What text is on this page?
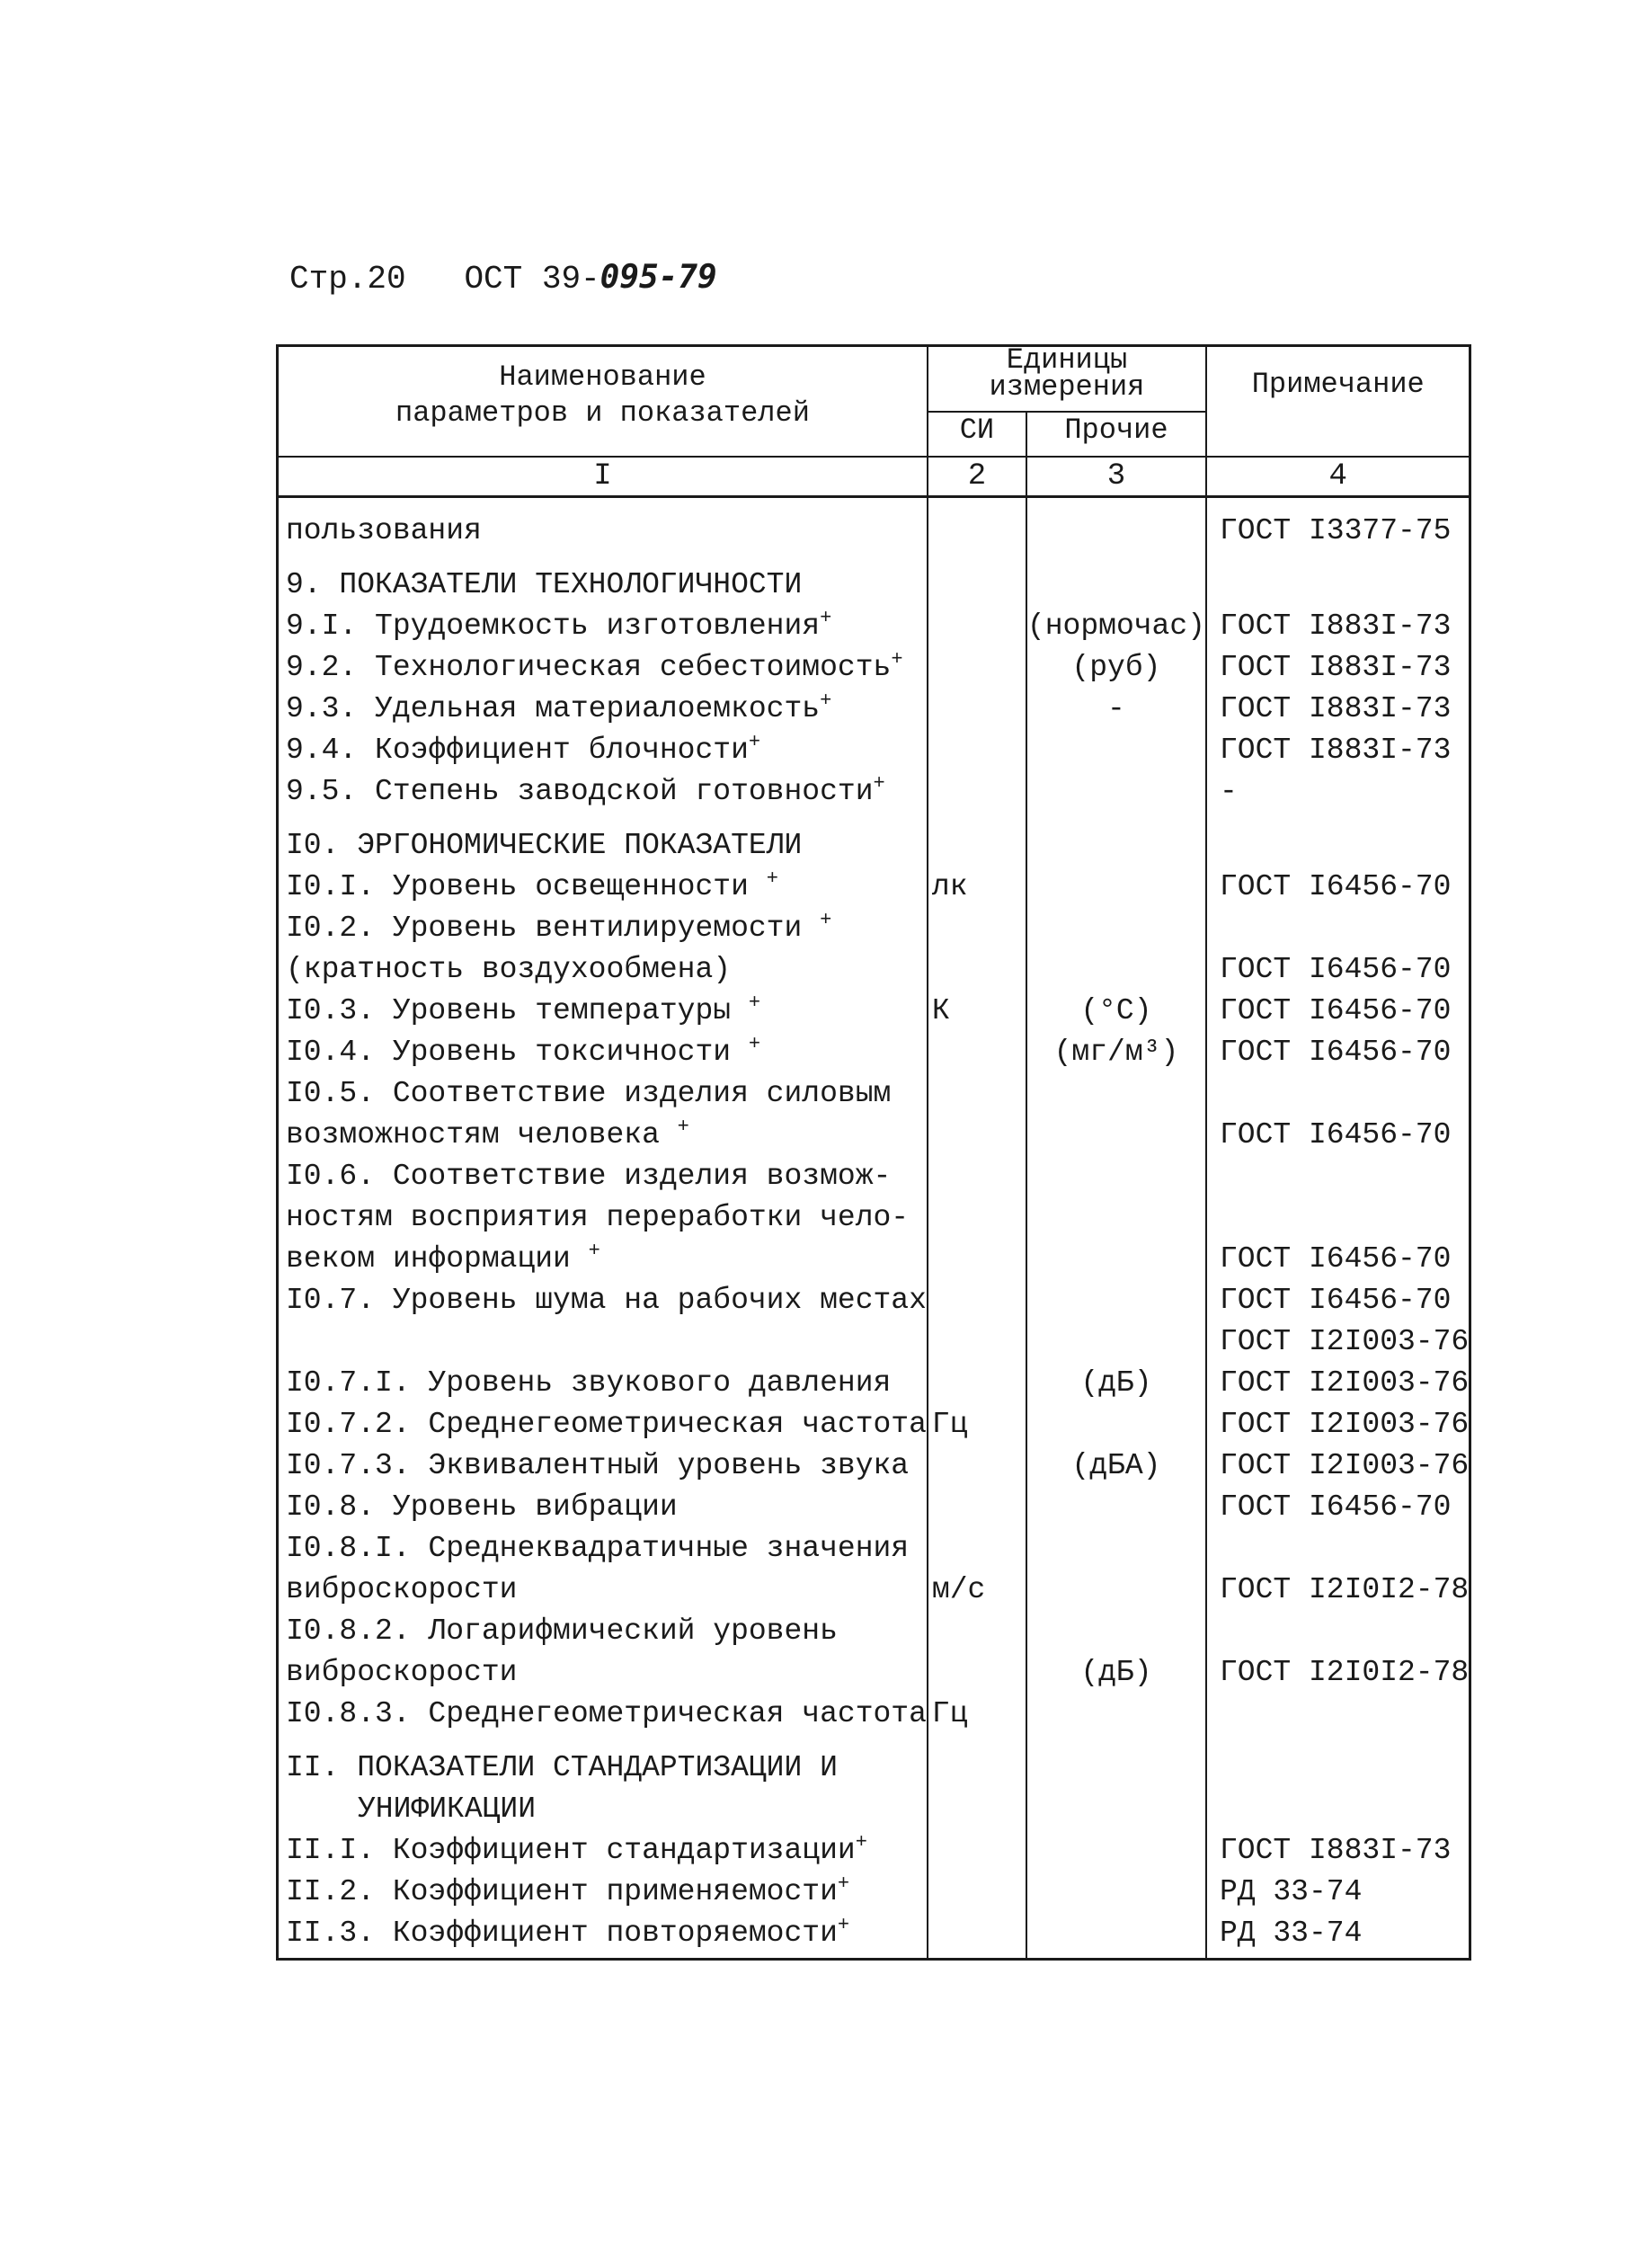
Стр.20 ОСТ 39-095-79
Наименование
параметров и показателей	Единицы измерения		Примечание
	СИ	Прочие	
I	2	3	4
пользования			ГОСТ I3377-75

9. ПОКАЗАТЕЛИ ТЕХНОЛОГИЧНОСТИ			
9.I. Трудоемкость изготовления+		(нормочас)	ГОСТ I883I-73
9.2. Технологическая себестоимость+		(руб)	ГОСТ I883I-73
9.3. Удельная материалоемкость+		-	ГОСТ I883I-73
9.4. Коэффициент блочности+			ГОСТ I883I-73
9.5. Степень заводской готовности+			-

I0. ЭРГОНОМИЧЕСКИЕ ПОКАЗАТЕЛИ			
I0.I. Уровень освещенности +	лк		ГОСТ I6456-70
I0.2. Уровень вентилируемости +			
(кратность воздухообмена)			ГОСТ I6456-70
I0.3. Уровень температуры +	К	(°С)	ГОСТ I6456-70
I0.4. Уровень токсичности +		(мг/м³)	ГОСТ I6456-70
I0.5. Соответствие изделия силовым			
возможностям человека +			ГОСТ I6456-70
I0.6. Соответствие изделия возмож-			
ностям восприятия переработки чело-			
веком информации +			ГОСТ I6456-70
I0.7. Уровень шума на рабочих местах			ГОСТ I6456-70
			ГОСТ I2I003-76
I0.7.I. Уровень звукового давления		(дБ)	ГОСТ I2I003-76
I0.7.2. Среднегеометрическая частота	Гц		ГОСТ I2I003-76
I0.7.3. Эквивалентный уровень звука		(дБА)	ГОСТ I2I003-76
I0.8. Уровень вибрации			ГОСТ I6456-70
I0.8.I. Среднеквадратичные значения			
виброскорости	м/с		ГОСТ I2I0I2-78
I0.8.2. Логарифмический уровень			
виброскорости		(дБ)	ГОСТ I2I0I2-78
I0.8.3. Среднегеометрическая частота	Гц		

II. ПОКАЗАТЕЛИ СТАНДАРТИЗАЦИИ И			
УНИФИКАЦИИ			
II.I. Коэффициент стандартизации+			ГОСТ I883I-73
II.2. Коэффициент применяемости+			РД 33-74
II.3. Коэффициент повторяемости+			РД 33-74
